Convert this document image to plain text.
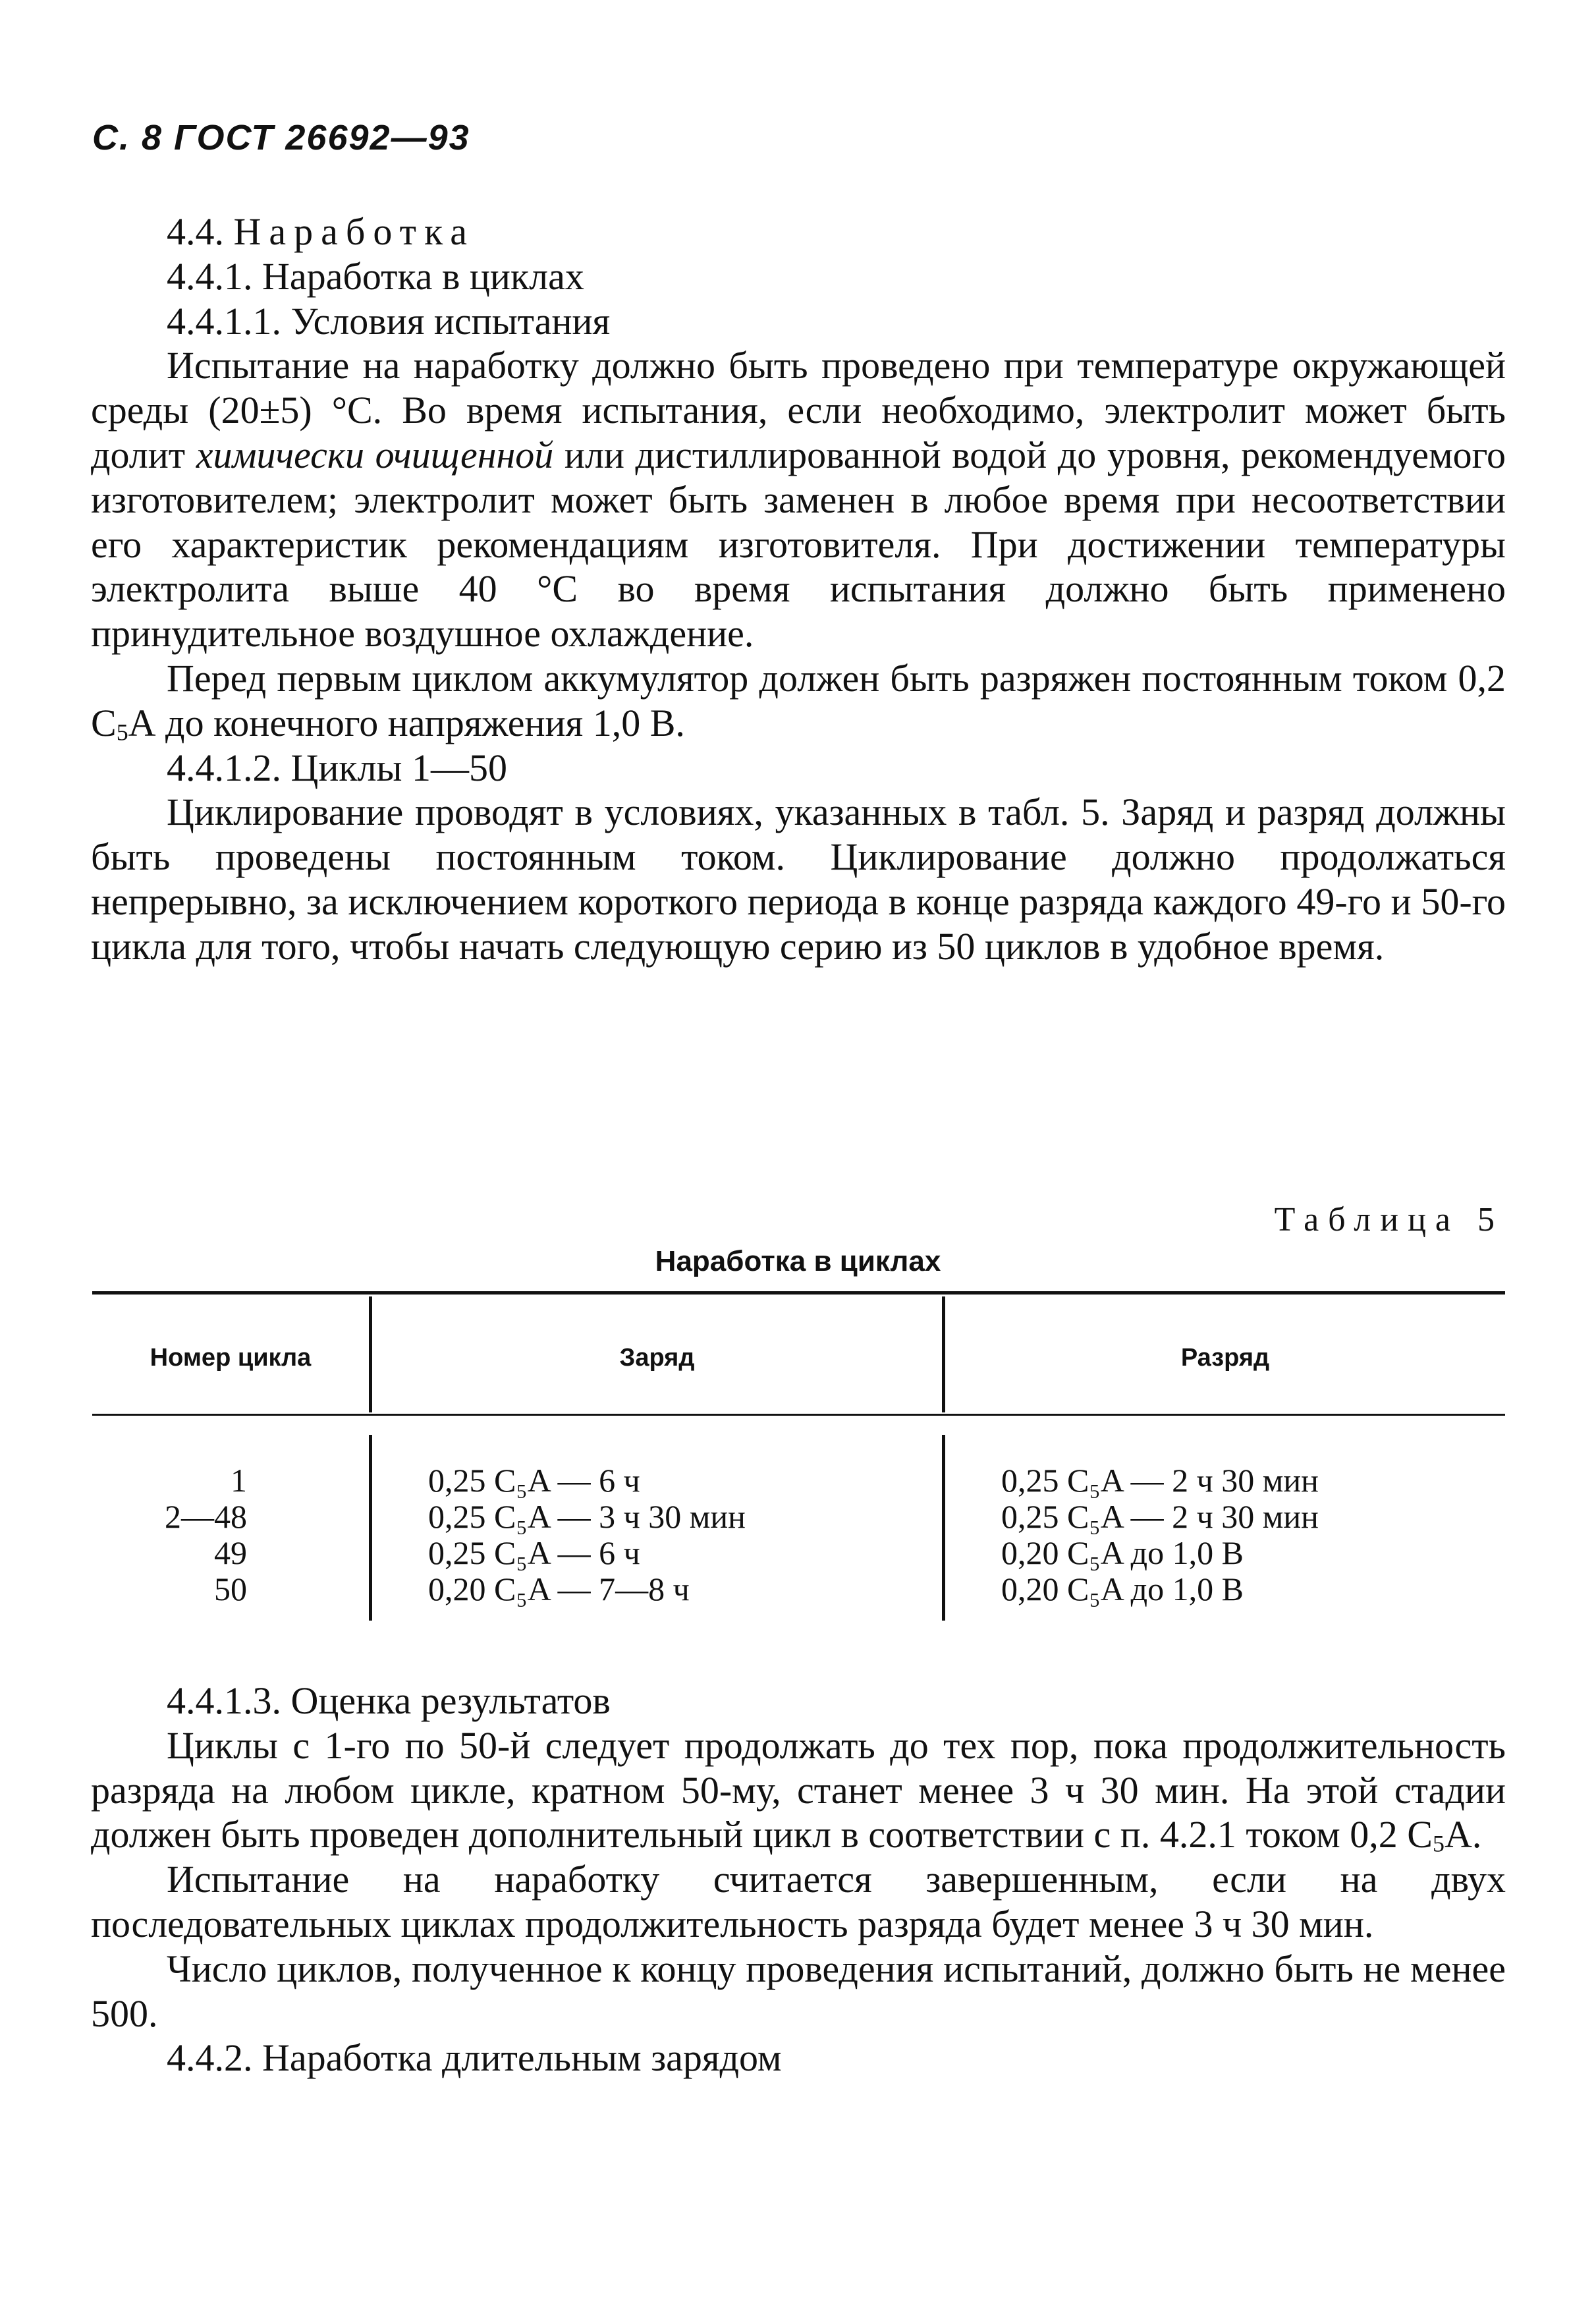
С. 8 ГОСТ 26692—93

4.4. Наработка

4.4.1. Наработка в циклах

4.4.1.1. Условия испытания

Испытание на наработку должно быть проведено при температуре окружающей среды (20±5) °С. Во время испытания, если необходимо, электролит может быть долит химически очищенной или дистиллированной водой до уровня, рекомендуемого изготовителем; электролит может быть заменен в любое время при несоответствии его характеристик рекомендациям изготовителя. При достижении температуры электролита выше 40 °С во время испытания должно быть применено принудительное воздушное охлаждение.

Перед первым циклом аккумулятор должен быть разряжен постоянным током 0,2 $C_5А$ до конечного напряжения 1,0 В.

4.4.1.2. Циклы 1—50

Циклирование проводят в условиях, указанных в табл. 5. Заряд и разряд должны быть проведены постоянным током. Циклирование должно продолжаться непрерывно, за исключением короткого периода в конце разряда каждого 49-го и 50-го цикла для того, чтобы начать следующую серию из 50 циклов в удобное время.

Таблица 5
Наработка в циклах
Номер цикла	Заряд	Разряд
1	0,25 C₅A — 6 ч	0,25 C₅A — 2 ч 30 мин
2—48	0,25 C₅A — 3 ч 30 мин	0,25 C₅A — 2 ч 30 мин
49	0,25 C₅A — 6 ч	0,20 C₅A до 1,0 В
50	0,20 C₅A — 7—8 ч	0,20 C₅A до 1,0 В

4.4.1.3. Оценка результатов

Циклы с 1-го по 50-й следует продолжать до тех пор, пока продолжительность разряда на любом цикле, кратном 50-му, станет менее 3 ч 30 мин. На этой стадии должен быть проведен дополнительный цикл в соответствии с п. 4.2.1 током 0,2 $C_5А$.

Испытание на наработку считается завершенным, если на двух последовательных циклах продолжительность разряда будет менее 3 ч 30 мин.

Число циклов, полученное к концу проведения испытаний, должно быть не менее 500.

4.4.2. Наработка длительным зарядом
